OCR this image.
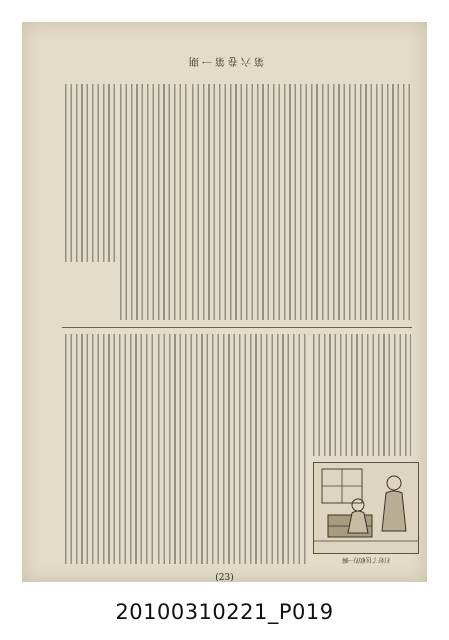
第六卷第一期
打好了包袱的一瞬
(23)
20100310221_P019
